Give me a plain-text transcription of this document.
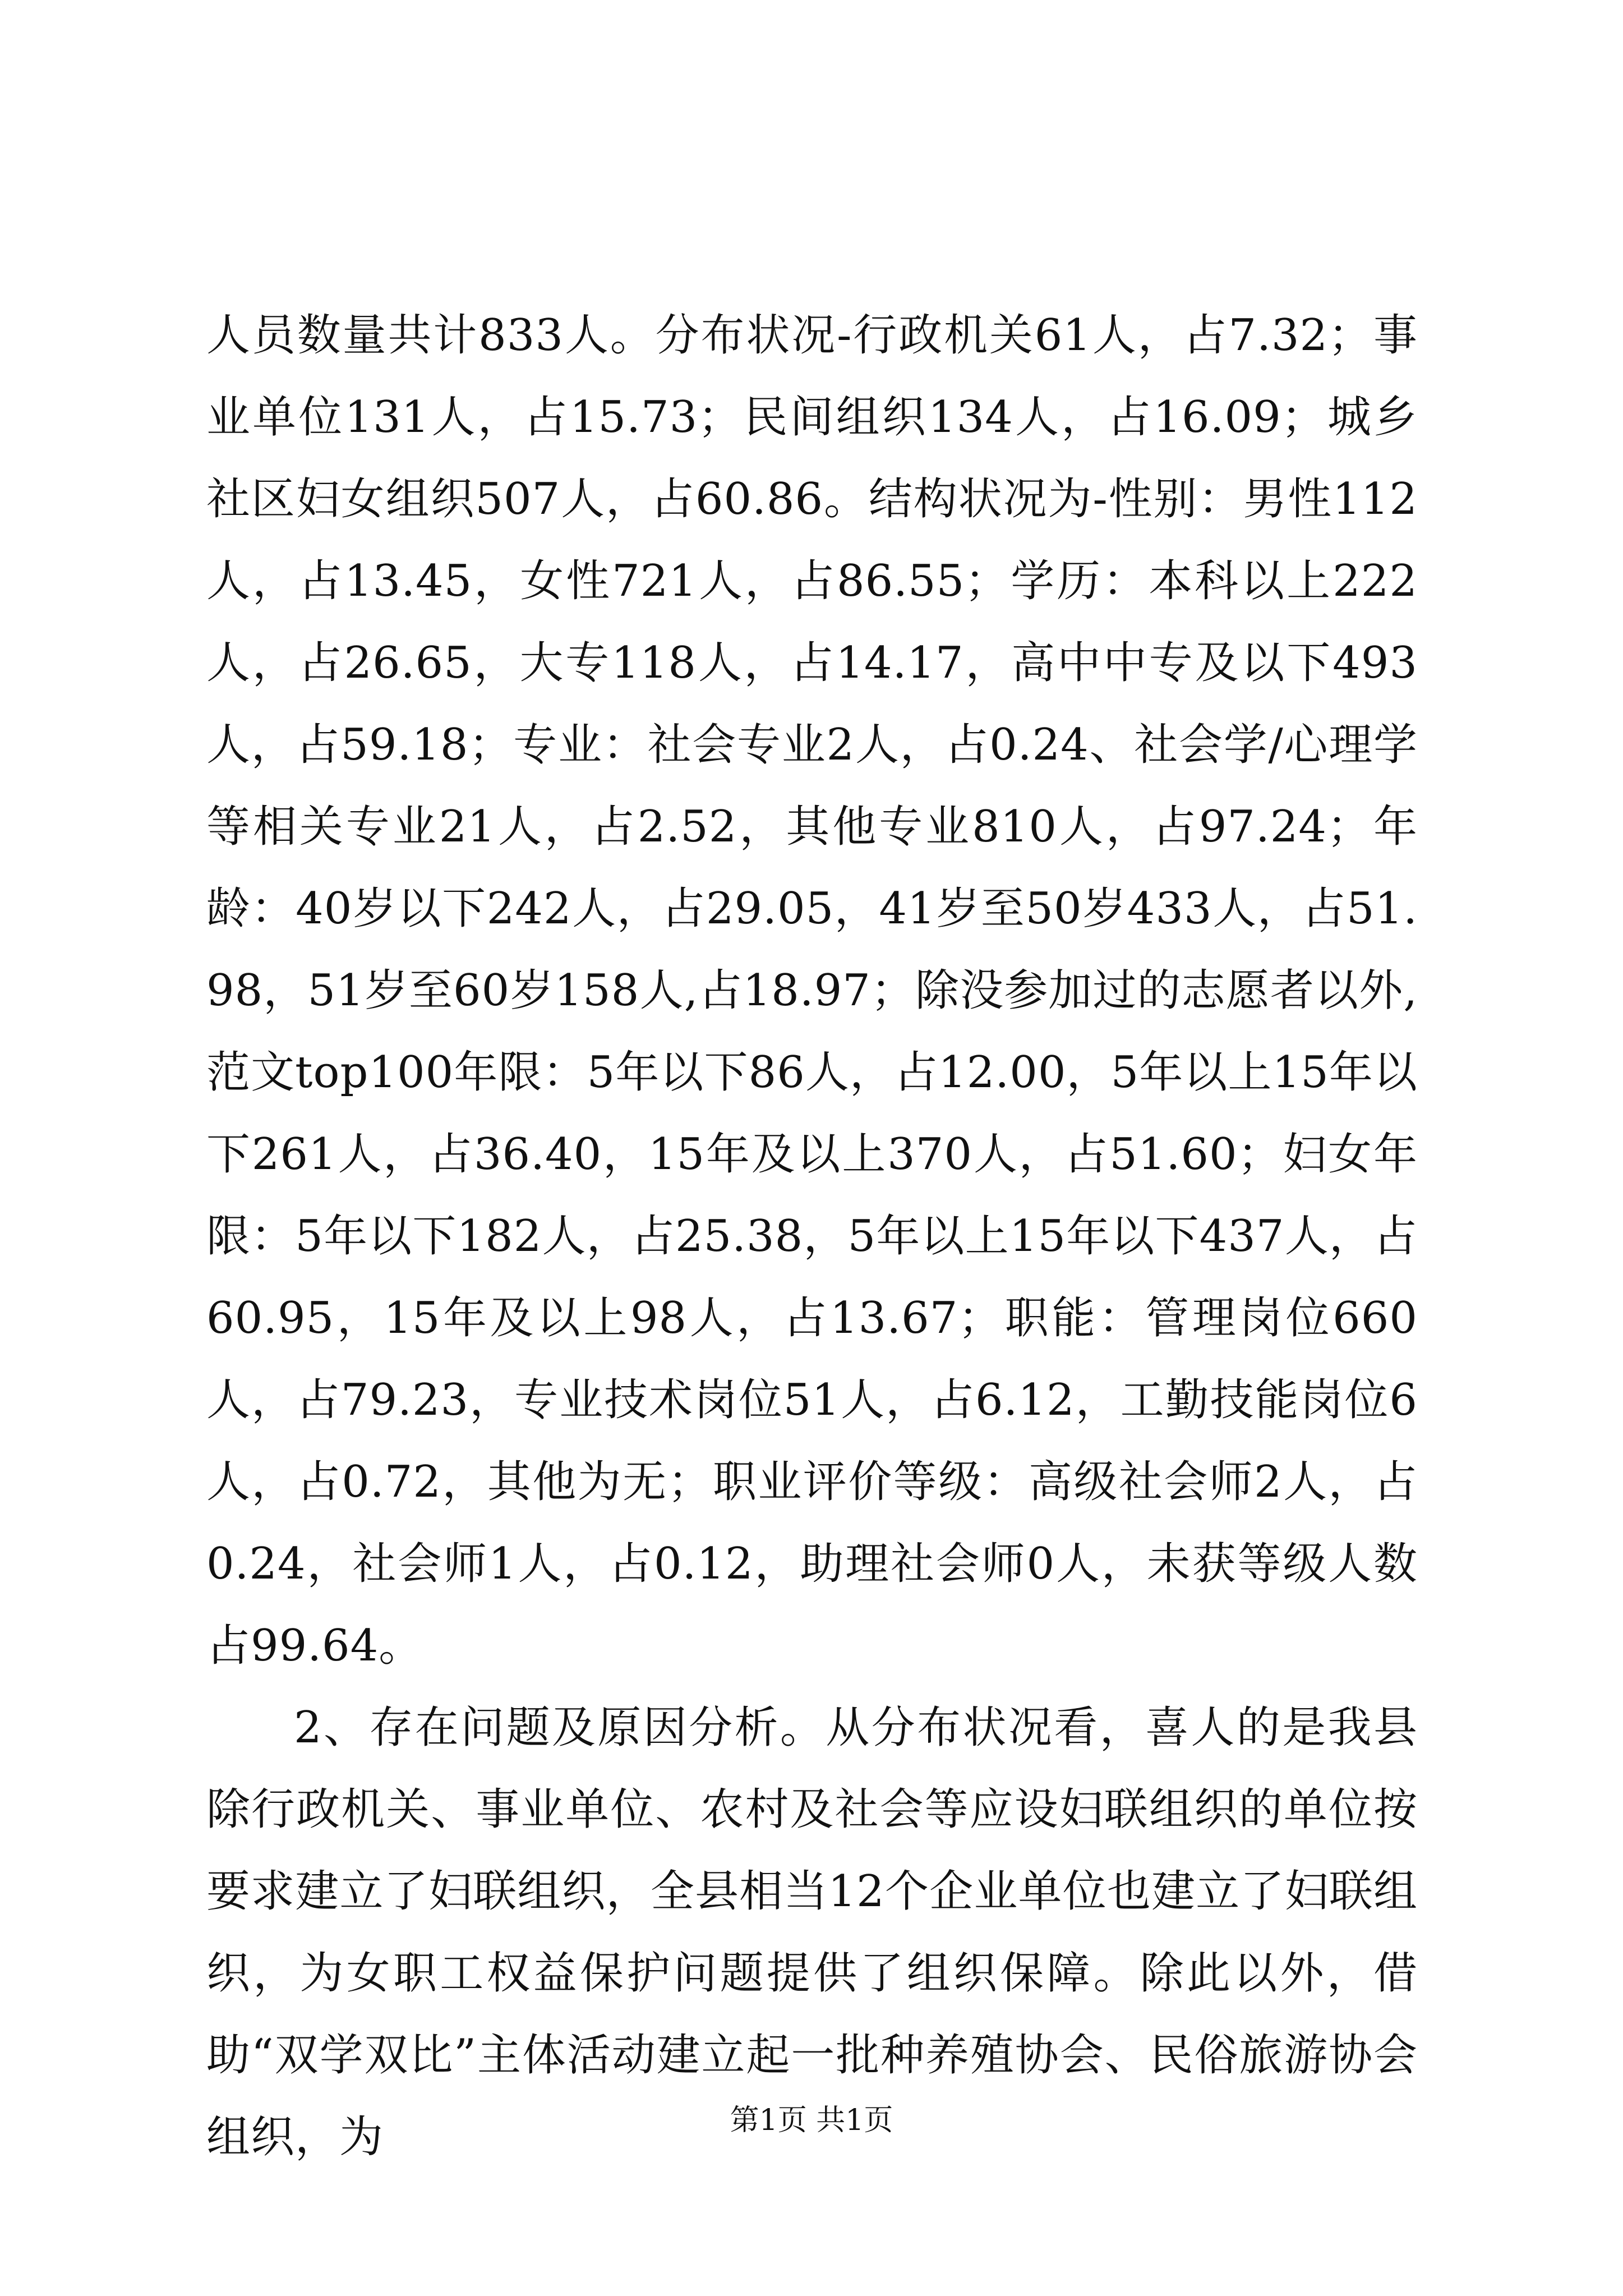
人员数量共计833人。分布状况-行政机关61人，占7.32；事业单位131人，占15.73；民间组织134人，占16.09；城乡社区妇女组织507人，占60.86。结构状况为-性别：男性112人，占13.45，女性721人，占86.55；学历：本科以上222人，占26.65，大专118人，占14.17，高中中专及以下493人，占59.18；专业：社会专业2人，占0.24、社会学/心理学等相关专业21人，占2.52，其他专业810人，占97.24；年龄：40岁以下242人，占29.05，41岁至50岁433人，占51.98，51岁至60岁158人,占18.97；除没参加过的志愿者以外,范文top100年限：5年以下86人，占12.00，5年以上15年以下261人，占36.40，15年及以上370人，占51.60；妇女年限：5年以下182人，占25.38，5年以上15年以下437人，占60.95，15年及以上98人，占13.67；职能：管理岗位660人，占79.23，专业技术岗位51人，占6.12，工勤技能岗位6人，占0.72，其他为无；职业评价等级：高级社会师2人，占0.24，社会师1人，占0.12，助理社会师0人，未获等级人数占99.64。

2、存在问题及原因分析。从分布状况看，喜人的是我县除行政机关、事业单位、农村及社会等应设妇联组织的单位按要求建立了妇联组织，全县相当12个企业单位也建立了妇联组织，为女职工权益保护问题提供了组织保障。除此以外，借助“双学双比”主体活动建立起一批种养殖协会、民俗旅游协会组织，为	第1页 共1页
